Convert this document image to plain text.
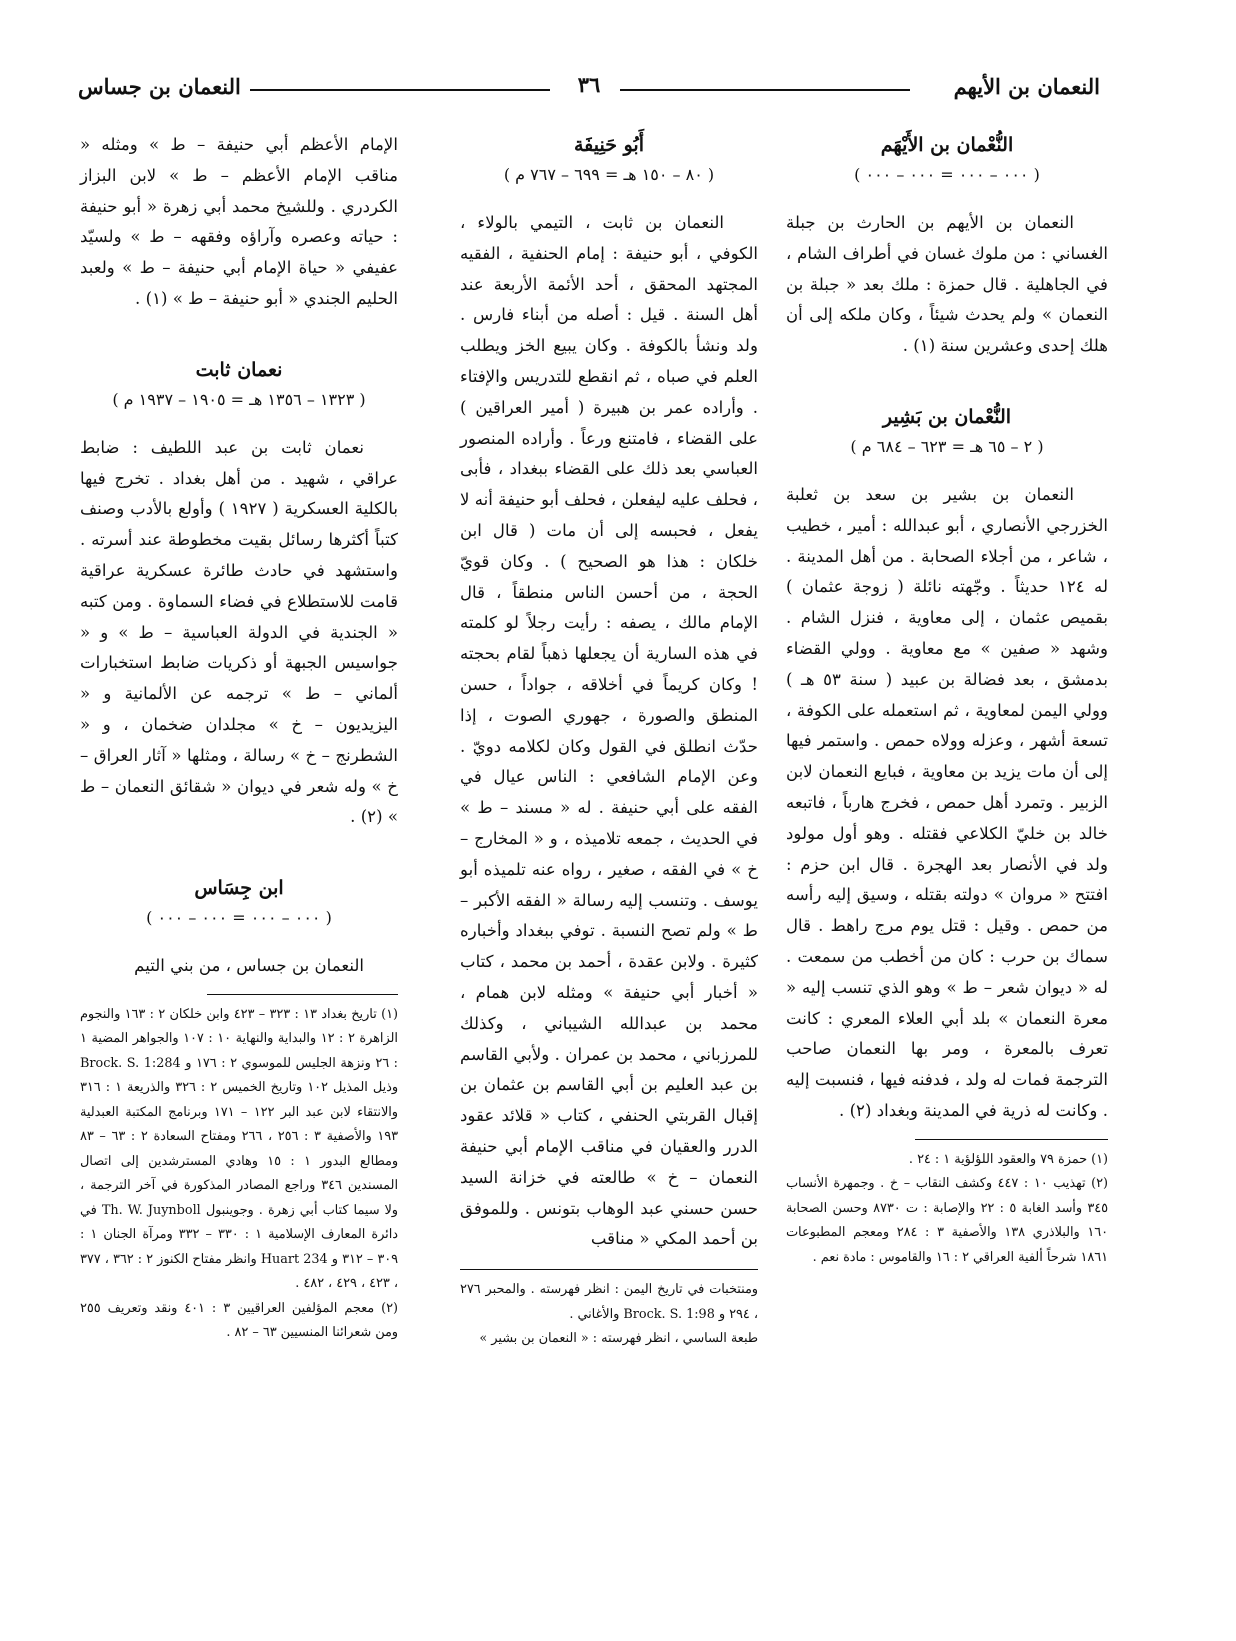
النعمان بن الأيهم
٣٦
النعمان بن جساس
النُّعْمان بن الأَيْهَم
( ٠٠٠ – ٠٠٠ = ٠٠٠ – ٠٠٠ )

النعمان بن الأيهم بن الحارث بن جبلة الغساني : من ملوك غسان في أطراف الشام ، في الجاهلية . قال حمزة : ملك بعد « جبلة بن النعمان » ولم يحدث شيئاً ، وكان ملكه إلى أن هلك إحدى وعشرين سنة (١) .

النُّعْمان بن بَشِير
( ٢ – ٦٥ هـ = ٦٢٣ – ٦٨٤ م )

النعمان بن بشير بن سعد بن ثعلبة الخزرجي الأنصاري ، أبو عبدالله : أمير ، خطيب ، شاعر ، من أجلاء الصحابة . من أهل المدينة . له ١٢٤ حديثاً . وجّهته نائلة ( زوجة عثمان ) بقميص عثمان ، إلى معاوية ، فنزل الشام . وشهد « صفين » مع معاوية . وولي القضاء بدمشق ، بعد فضالة بن عبيد ( سنة ٥٣ هـ ) وولي اليمن لمعاوية ، ثم استعمله على الكوفة ، تسعة أشهر ، وعزله وولاه حمص . واستمر فيها إلى أن مات يزيد بن معاوية ، فبايع النعمان لابن الزبير . وتمرد أهل حمص ، فخرج هارباً ، فاتبعه خالد بن خليّ الكلاعي فقتله . وهو أول مولود ولد في الأنصار بعد الهجرة . قال ابن حزم : افتتح « مروان » دولته بقتله ، وسيق إليه رأسه من حمص . وقيل : قتل يوم مرج راهط . قال سماك بن حرب : كان من أخطب من سمعت . له « ديوان شعر – ط » وهو الذي تنسب إليه « معرة النعمان » بلد أبي العلاء المعري : كانت تعرف بالمعرة ، ومر بها النعمان صاحب الترجمة فمات له ولد ، فدفنه فيها ، فنسبت إليه . وكانت له ذرية في المدينة وبغداد (٢) .

(١) حمزة ٧٩ والعقود اللؤلؤية ١ : ٢٤ .

(٢) تهذيب ١٠ : ٤٤٧ وكشف النقاب – خ . وجمهرة الأنساب ٣٤٥ وأسد الغابة ٥ : ٢٢ والإصابة : ت ٨٧٣٠ وحسن الصحابة ١٦٠ والبلاذري ١٣٨ والأصفية ٣ : ٢٨٤ ومعجم المطبوعات ١٨٦١ شرحاً ألفية العراقي ٢ : ١٦ والقاموس : مادة نعم .

أَبُو حَنِيفَة
( ٨٠ – ١٥٠ هـ = ٦٩٩ – ٧٦٧ م )

النعمان بن ثابت ، التيمي بالولاء ، الكوفي ، أبو حنيفة : إمام الحنفية ، الفقيه المجتهد المحقق ، أحد الأئمة الأربعة عند أهل السنة . قيل : أصله من أبناء فارس . ولد ونشأ بالكوفة . وكان يبيع الخز ويطلب العلم في صباه ، ثم انقطع للتدريس والإفتاء . وأراده عمر بن هبيرة ( أمير العراقين ) على القضاء ، فامتنع ورعاً . وأراده المنصور العباسي بعد ذلك على القضاء ببغداد ، فأبى ، فحلف عليه ليفعلن ، فحلف أبو حنيفة أنه لا يفعل ، فحبسه إلى أن مات ( قال ابن خلكان : هذا هو الصحيح ) . وكان قويّ الحجة ، من أحسن الناس منطقاً ، قال الإمام مالك ، يصفه : رأيت رجلاً لو كلمته في هذه السارية أن يجعلها ذهباً لقام بحجته ! وكان كريماً في أخلاقه ، جواداً ، حسن المنطق والصورة ، جهوري الصوت ، إذا حدّث انطلق في القول وكان لكلامه دويّ . وعن الإمام الشافعي : الناس عيال في الفقه على أبي حنيفة . له « مسند – ط » في الحديث ، جمعه تلاميذه ، و « المخارج – خ » في الفقه ، صغير ، رواه عنه تلميذه أبو يوسف . وتنسب إليه رسالة « الفقه الأكبر – ط » ولم تصح النسبة . توفي ببغداد وأخباره كثيرة . ولابن عقدة ، أحمد بن محمد ، كتاب « أخبار أبي حنيفة » ومثله لابن همام ، محمد بن عبدالله الشيباني ، وكذلك للمرزباني ، محمد بن عمران . ولأبي القاسم بن عبد العليم بن أبي القاسم بن عثمان بن إقبال القربتي الحنفي ، كتاب « قلائد عقود الدرر والعقيان في مناقب الإمام أبي حنيفة النعمان – خ » طالعته في خزانة السيد حسن حسني عبد الوهاب بتونس . وللموفق بن أحمد المكي « مناقب

ومنتخبات في تاريخ اليمن : انظر فهرسته . والمحبر ٢٧٦ ، ٢٩٤ و Brock. S. 1:98 والأغاني .

طبعة الساسي ، انظر فهرسته : « النعمان بن بشير »

الإمام الأعظم أبي حنيفة – ط » ومثله « مناقب الإمام الأعظم – ط » لابن البزاز الكردري . وللشيخ محمد أبي زهرة « أبو حنيفة : حياته وعصره وآراؤه وفقهه – ط » ولسيّد عفيفي « حياة الإمام أبي حنيفة – ط » ولعبد الحليم الجندي « أبو حنيفة – ط » (١) .

نعمان ثابت
( ١٣٢٣ – ١٣٥٦ هـ = ١٩٠٥ – ١٩٣٧ م )

نعمان ثابت بن عبد اللطيف : ضابط عراقي ، شهيد . من أهل بغداد . تخرج فيها بالكلية العسكرية ( ١٩٢٧ ) وأولع بالأدب وصنف كتباً أكثرها رسائل بقيت مخطوطة عند أسرته . واستشهد في حادث طائرة عسكرية عراقية قامت للاستطلاع في فضاء السماوة . ومن كتبه « الجندية في الدولة العباسية – ط » و « جواسيس الجبهة أو ذكريات ضابط استخبارات ألماني – ط » ترجمه عن الألمانية و « اليزيديون – خ » مجلدان ضخمان ، و « الشطرنج – خ » رسالة ، ومثلها « آثار العراق – خ » وله شعر في ديوان « شقائق النعمان – ط » (٢) .

ابن جِسَاس
( ٠٠٠ – ٠٠٠ = ٠٠٠ – ٠٠٠ )

النعمان بن جساس ، من بني التيم

(١) تاريخ بغداد ١٣ : ٣٢٣ – ٤٢٣ وابن خلكان ٢ : ١٦٣ والنجوم الزاهرة ٢ : ١٢ والبداية والنهاية ١٠ : ١٠٧ والجواهر المضية ١ : ٢٦ ونزهة الجليس للموسوي ٢ : ١٧٦ و Brock. S. 1:284 وذيل المذيل ١٠٢ وتاريخ الخميس ٢ : ٣٢٦ والذريعة ١ : ٣١٦ والانتقاء لابن عبد البر ١٢٢ – ١٧١ وبرنامج المكتبة العبدلية ١٩٣ والأصفية ٣ : ٢٥٦ ، ٢٦٦ ومفتاح السعادة ٢ : ٦٣ – ٨٣ ومطالع البدور ١ : ١٥ وهادي المسترشدين إلى اتصال المسندين ٣٤٦ وراجع المصادر المذكورة في آخر الترجمة ، ولا سيما كتاب أبي زهرة . وجوينبول Th. W. Juynboll في دائرة المعارف الإسلامية ١ : ٣٣٠ – ٣٣٢ ومرآة الجنان ١ : ٣٠٩ – ٣١٢ و Huart 234 وانظر مفتاح الكنوز ٢ : ٣٦٢ ، ٣٧٧ ، ٤٢٣ ، ٤٢٩ ، ٤٨٢ .

(٢) معجم المؤلفين العراقيين ٣ : ٤٠١ ونقد وتعريف ٢٥٥ ومن شعرائنا المنسيين ٦٣ – ٨٢ .
